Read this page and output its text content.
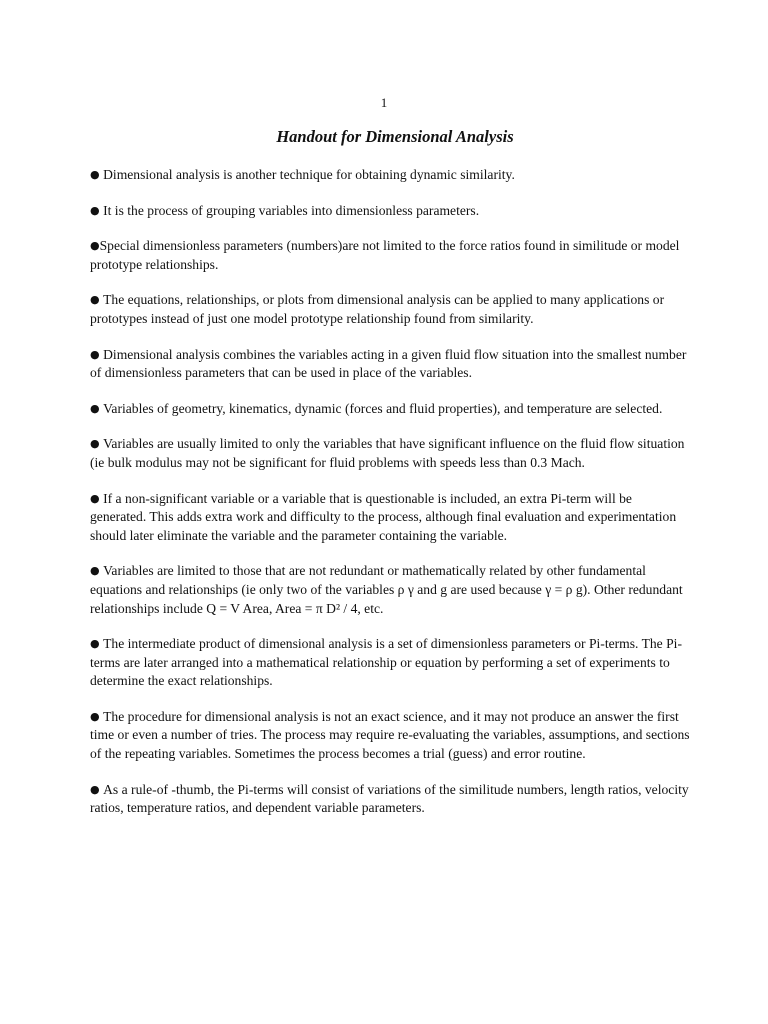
1
Handout for Dimensional Analysis

● Dimensional analysis is another technique for obtaining dynamic similarity.

● It is the process of grouping variables into dimensionless parameters.

●Special dimensionless parameters (numbers)are not limited to the force ratios found in similitude or model prototype relationships.

● The equations, relationships, or plots from dimensional analysis can be applied to many applications or prototypes instead of just one model prototype relationship found from similarity.

● Dimensional analysis combines the variables acting in a given fluid flow situation into the smallest number of dimensionless parameters that can be used in place of the variables.

● Variables of geometry, kinematics, dynamic (forces and fluid properties), and temperature are selected.

● Variables are usually limited to only the variables that have significant influence on the fluid flow situation (ie bulk modulus may not be significant for fluid problems with speeds less than 0.3 Mach.

● If a non-significant variable or a variable that is questionable is included, an extra Pi-term will be generated. This adds extra work and difficulty to the process, although final evaluation and experimentation should later eliminate the variable and the parameter containing the variable.

● Variables are limited to those that are not redundant or mathematically related by other fundamental equations and relationships (ie only two of the variables ρ γ and g are used because γ = ρ g). Other redundant relationships include Q = V Area, Area = π D² / 4, etc.

● The intermediate product of dimensional analysis is a set of dimensionless parameters or Pi-terms. The Pi-terms are later arranged into a mathematical relationship or equation by performing a set of experiments to determine the exact relationships.

● The procedure for dimensional analysis is not an exact science, and it may not produce an answer the first time or even a number of tries. The process may require re-evaluating the variables, assumptions, and sections of the repeating variables. Sometimes the process becomes a trial (guess) and error routine.

● As a rule-of -thumb, the Pi-terms will consist of variations of the similitude numbers, length ratios, velocity ratios, temperature ratios, and dependent variable parameters.
